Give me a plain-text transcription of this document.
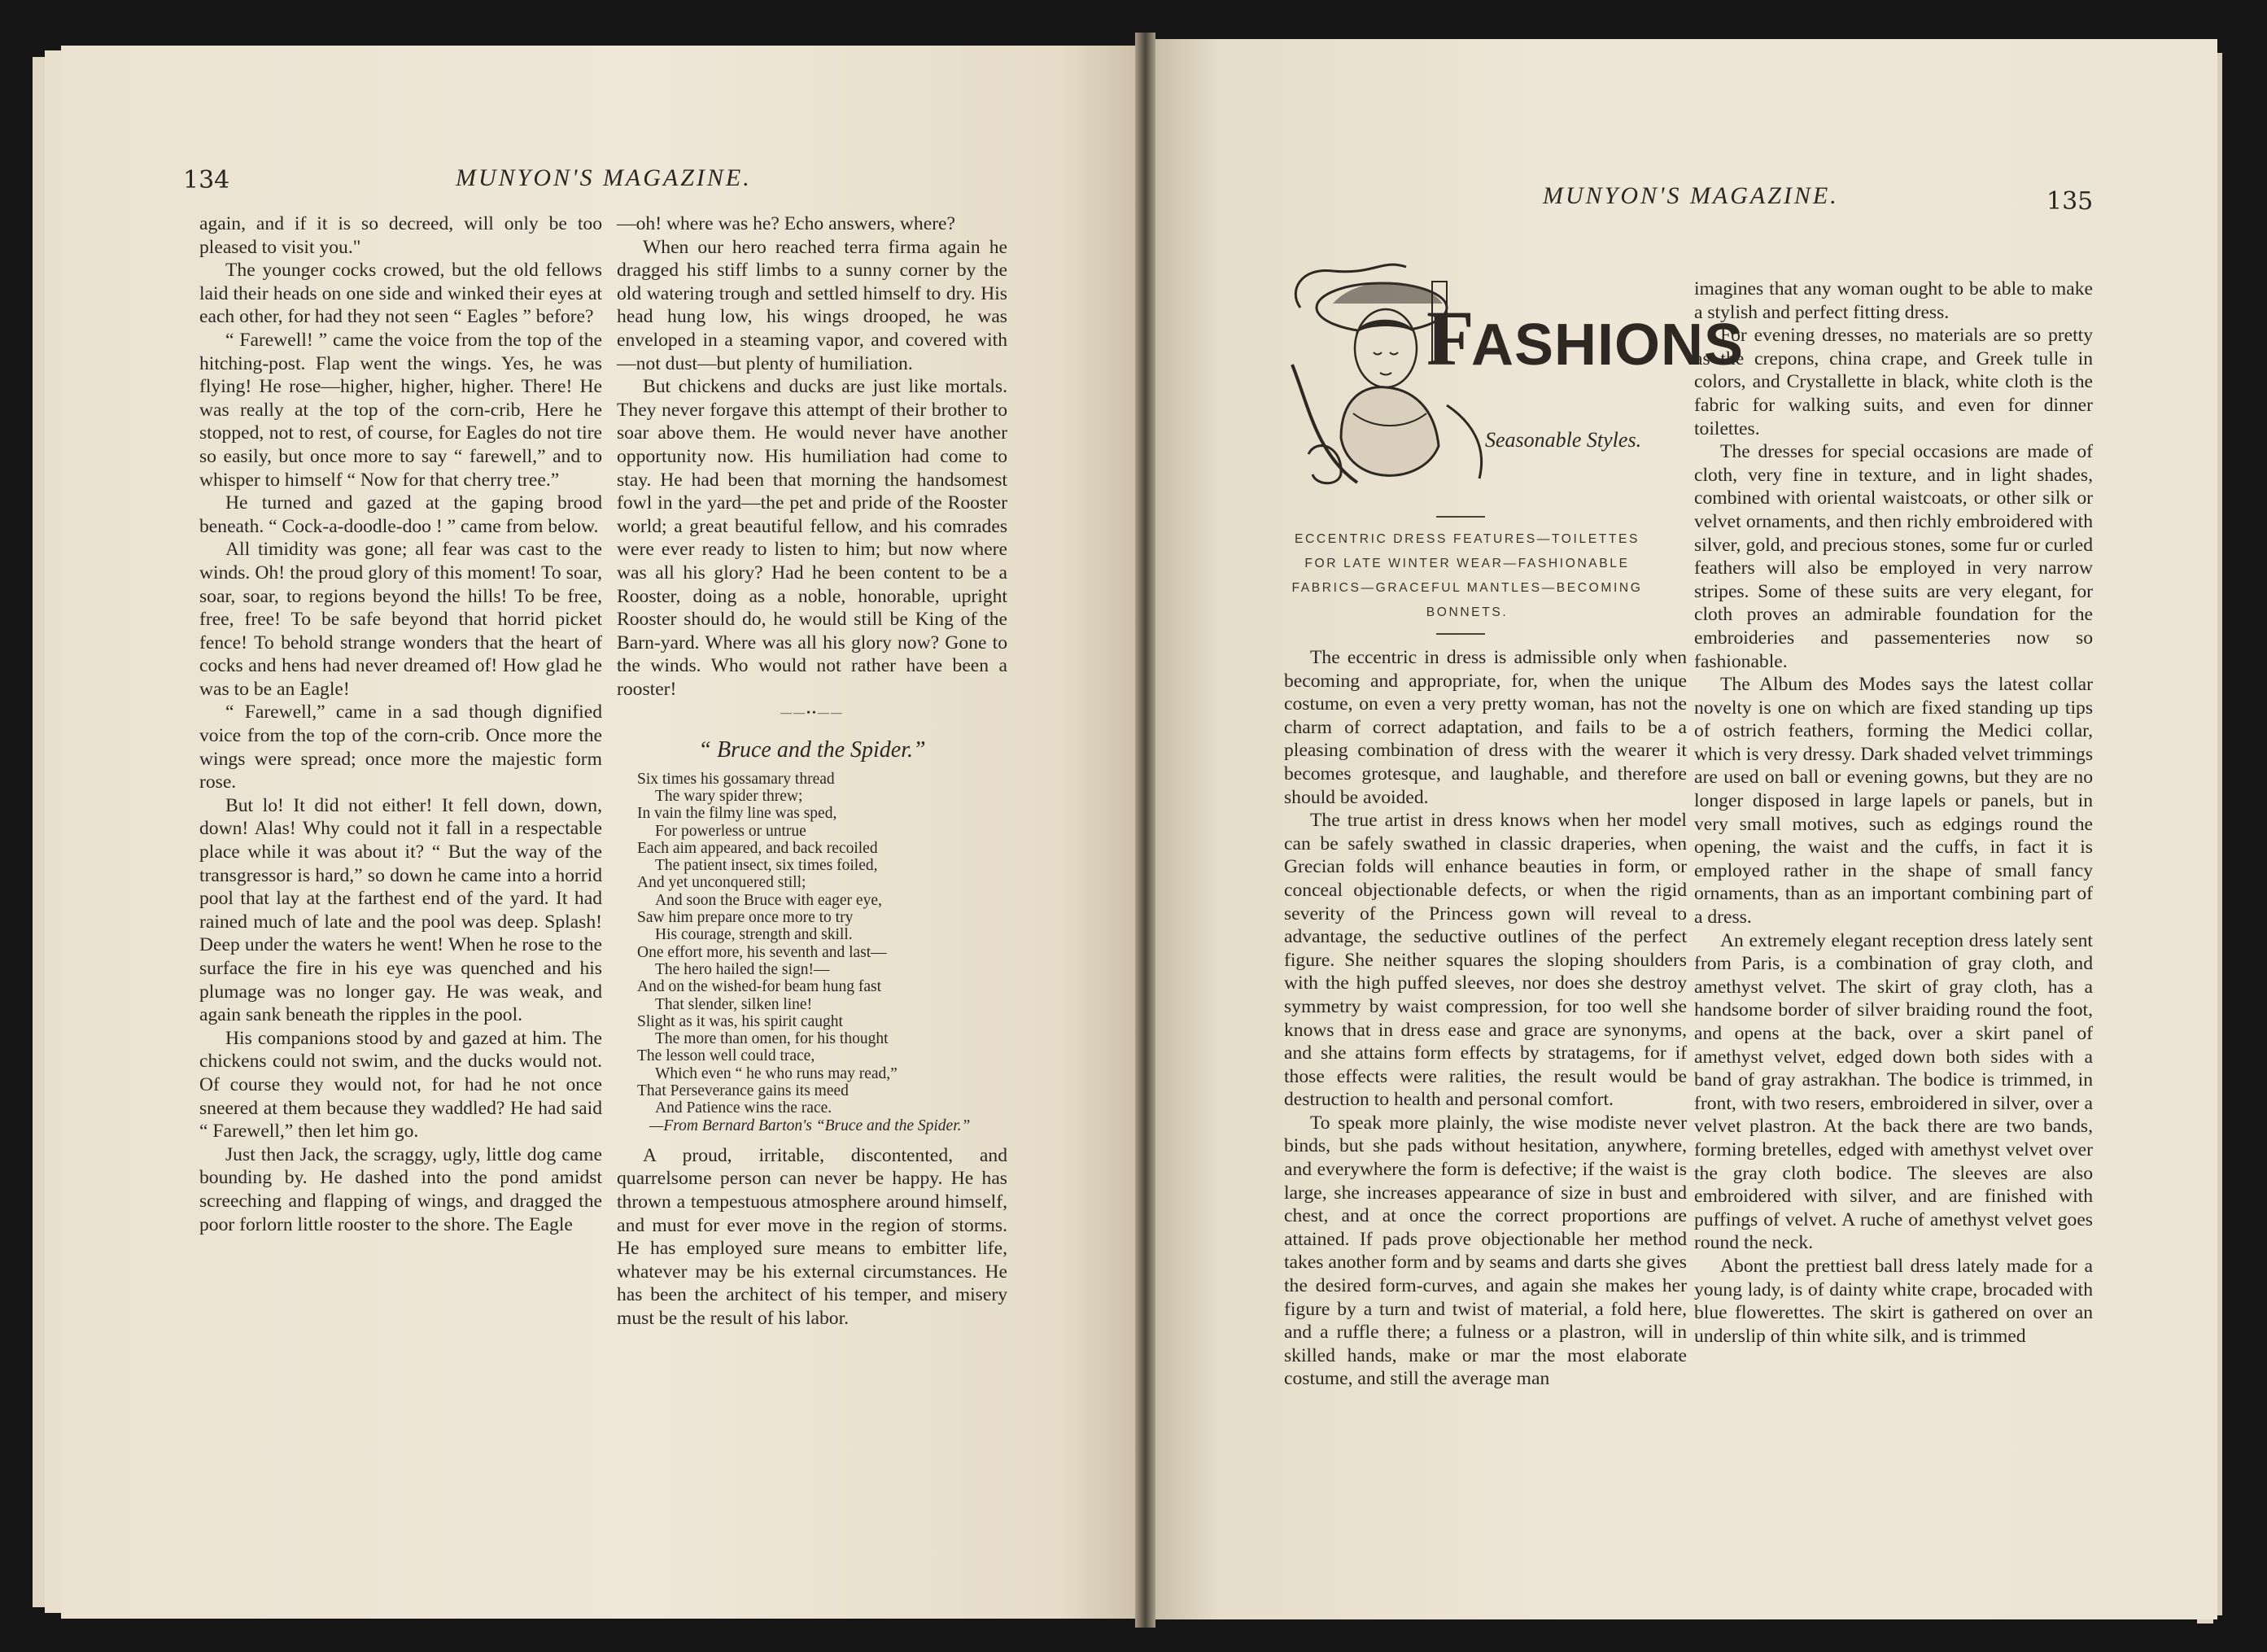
134	MUNYON'S MAGAZINE.

again, and if it is so decreed, will only be too pleased to visit you."

The younger cocks crowed, but the old fellows laid their heads on one side and winked their eyes at each other, for had they not seen “ Eagles ” before?

“ Farewell! ” came the voice from the top of the hitching-post. Flap went the wings. Yes, he was flying! He rose—higher, higher, higher. There! He was really at the top of the corn-crib, Here he stopped, not to rest, of course, for Eagles do not tire so easily, but once more to say “ farewell,” and to whisper to himself “ Now for that cherry tree.”

He turned and gazed at the gaping brood beneath. “ Cock-a-doodle-doo ! ” came from below.

All timidity was gone; all fear was cast to the winds. Oh! the proud glory of this moment! To soar, soar, soar, to regions beyond the hills! To be free, free, free! To be safe beyond that horrid picket fence! To behold strange wonders that the heart of cocks and hens had never dreamed of! How glad he was to be an Eagle!

“ Farewell,” came in a sad though dignified voice from the top of the corn-crib. Once more the wings were spread; once more the majestic form rose.

But lo! It did not either! It fell down, down, down! Alas! Why could not it fall in a respectable place while it was about it? “ But the way of the transgressor is hard,” so down he came into a horrid pool that lay at the farthest end of the yard. It had rained much of late and the pool was deep. Splash! Deep under the waters he went! When he rose to the surface the fire in his eye was quenched and his plumage was no longer gay. He was weak, and again sank beneath the ripples in the pool.

His companions stood by and gazed at him. The chickens could not swim, and the ducks would not. Of course they would not, for had he not once sneered at them because they waddled? He had said “ Farewell,” then let him go.

Just then Jack, the scraggy, ugly, little dog came bounding by. He dashed into the pond amidst screeching and flapping of wings, and dragged the poor forlorn little rooster to the shore. The Eagle

—oh! where was he? Echo answers, where?

When our hero reached terra firma again he dragged his stiff limbs to a sunny corner by the old watering trough and settled himself to dry. His head hung low, his wings drooped, he was enveloped in a steaming vapor, and covered with—not dust—but plenty of humiliation.

But chickens and ducks are just like mortals. They never forgave this attempt of their brother to soar above them. He would never have another opportunity now. His humiliation had come to stay. He had been that morning the handsomest fowl in the yard—the pet and pride of the Rooster world; a great beautiful fellow, and his comrades were ever ready to listen to him; but now where was all his glory? Had he been content to be a Rooster, doing as a noble, honorable, upright Rooster should do, he would still be King of the Barn-yard. Where was all his glory now? Gone to the winds. Who would not rather have been a rooster!

——••——
“ Bruce and the Spider.”
Six times his gossamary thread
The wary spider threw;
In vain the filmy line was sped,
For powerless or untrue
Each aim appeared, and back recoiled
The patient insect, six times foiled,
And yet unconquered still;
And soon the Bruce with eager eye,
Saw him prepare once more to try
His courage, strength and skill.
One effort more, his seventh and last—
The hero hailed the sign!—
And on the wished-for beam hung fast
That slender, silken line!
Slight as it was, his spirit caught
The more than omen, for his thought
The lesson well could trace,
Which even “ he who runs may read,”
That Perseverance gains its meed
And Patience wins the race.
—From Bernard Barton's “Bruce and the Spider.”

A proud, irritable, discontented, and quarrelsome person can never be happy. He has thrown a tempestuous atmosphere around himself, and must for ever move in the region of storms. He has employed sure means to embitter life, whatever may be his external circumstances. He has been the architect of his temper, and misery must be the result of his labor.

MUNYON'S MAGAZINE.	135
F
ASHIONS
Seasonable Styles.
ECCENTRIC DRESS FEATURES—TOILETTES FOR LATE WINTER WEAR—FASHIONABLE FABRICS—GRACEFUL MANTLES—BECOMING BONNETS.

The eccentric in dress is admissible only when becoming and appropriate, for, when the unique costume, on even a very pretty woman, has not the charm of correct adaptation, and fails to be a pleasing combination of dress with the wearer it becomes grotesque, and laughable, and therefore should be avoided.

The true artist in dress knows when her model can be safely swathed in classic draperies, when Grecian folds will enhance beauties in form, or conceal objectionable defects, or when the rigid severity of the Princess gown will reveal to advantage, the seductive outlines of the perfect figure. She neither squares the sloping shoulders with the high puffed sleeves, nor does she destroy symmetry by waist compression, for too well she knows that in dress ease and grace are synonyms, and she attains form effects by stratagems, for if those effects were ralities, the result would be destruction to health and personal comfort.

To speak more plainly, the wise modiste never binds, but she pads without hesitation, anywhere, and everywhere the form is defective; if the waist is large, she increases appearance of size in bust and chest, and at once the correct proportions are attained. If pads prove objectionable her method takes another form and by seams and darts she gives the desired form-curves, and again she makes her figure by a turn and twist of material, a fold here, and a ruffle there; a fulness or a plastron, will in skilled hands, make or mar the most elaborate costume, and still the average man

imagines that any woman ought to be able to make a stylish and perfect fitting dress.

For evening dresses, no materials are so pretty as the crepons, china crape, and Greek tulle in colors, and Crystallette in black, white cloth is the fabric for walking suits, and even for dinner toilettes.

The dresses for special occasions are made of cloth, very fine in texture, and in light shades, combined with oriental waistcoats, or other silk or velvet ornaments, and then richly embroidered with silver, gold, and precious stones, some fur or curled feathers will also be employed in very narrow stripes. Some of these suits are very elegant, for cloth proves an admirable foundation for the embroideries and passementeries now so fashionable.

The Album des Modes says the latest collar novelty is one on which are fixed standing up tips of ostrich feathers, forming the Medici collar, which is very dressy. Dark shaded velvet trimmings are used on ball or evening gowns, but they are no longer disposed in large lapels or panels, but in very small motives, such as edgings round the opening, the waist and the cuffs, in fact it is employed rather in the shape of small fancy ornaments, than as an important combining part of a dress.

An extremely elegant reception dress lately sent from Paris, is a combination of gray cloth, and amethyst velvet. The skirt of gray cloth, has a handsome border of silver braiding round the foot, and opens at the back, over a skirt panel of amethyst velvet, edged down both sides with a band of gray astrakhan. The bodice is trimmed, in front, with two resers, embroidered in silver, over a velvet plastron. At the back there are two bands, forming bretelles, edged with amethyst velvet over the gray cloth bodice. The sleeves are also embroidered with silver, and are finished with puffings of velvet. A ruche of amethyst velvet goes round the neck.

Abont the prettiest ball dress lately made for a young lady, is of dainty white crape, brocaded with blue flowerettes. The skirt is gathered on over an underslip of thin white silk, and is trimmed
